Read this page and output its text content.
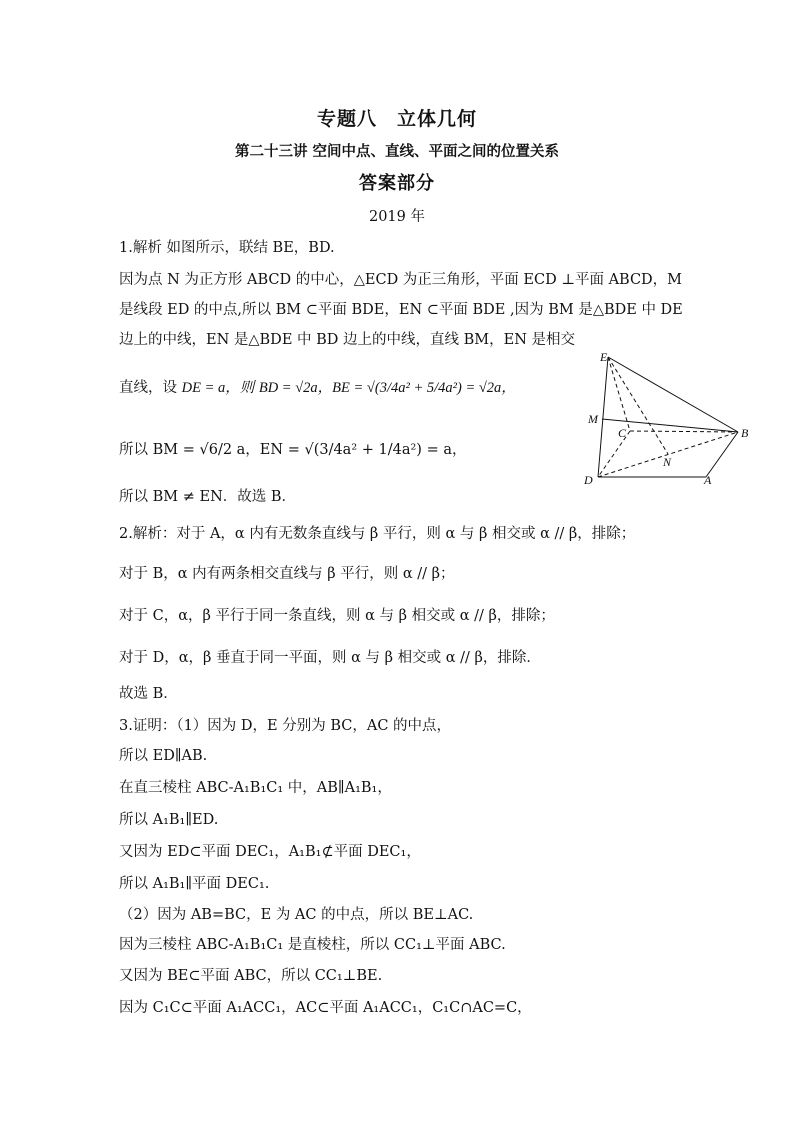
专题八　立体几何
第二十三讲 空间中点、直线、平面之间的位置关系
答案部分
2019 年
1.解析 如图所示，联结 BE，BD.
因为点 N 为正方形 ABCD 的中心，△ECD 为正三角形，平面 ECD ⊥平面 ABCD，M
是线段 ED 的中点,所以 BM ⊂平面 BDE，EN ⊂平面 BDE ,因为 BM 是△BDE 中 DE
边上的中线，EN 是△BDE 中 BD 边上的中线，直线 BM，EN 是相交
直线，设 DE = a，则 BD = √2a，BE = √(3/4a² + 5/4a²) = √2a，
所以 BM = √6/2 a，EN = √(3/4a² + 1/4a²) = a，
所以 BM ≠ EN．故选 B．
2.解析：对于 A，α 内有无数条直线与 β 平行，则 α 与 β 相交或 α // β，排除；
对于 B，α 内有两条相交直线与 β 平行，则 α // β；
对于 C，α，β 平行于同一条直线，则 α 与 β 相交或 α // β，排除；
对于 D，α，β 垂直于同一平面，则 α 与 β 相交或 α // β，排除．
故选 B．
3.证明：（1）因为 D，E 分别为 BC，AC 的中点，
所以 ED∥AB.
在直三棱柱 ABC-A₁B₁C₁ 中，AB∥A₁B₁，
所以 A₁B₁∥ED.
又因为 ED⊂平面 DEC₁，A₁B₁⊄平面 DEC₁，
所以 A₁B₁∥平面 DEC₁.
（2）因为 AB=BC，E 为 AC 的中点，所以 BE⊥AC.
因为三棱柱 ABC-A₁B₁C₁ 是直棱柱，所以 CC₁⊥平面 ABC.
又因为 BE⊂平面 ABC，所以 CC₁⊥BE.
因为 C₁C⊂平面 A₁ACC₁，AC⊂平面 A₁ACC₁，C₁C∩AC=C，
E
M
C	B
N
D	A
